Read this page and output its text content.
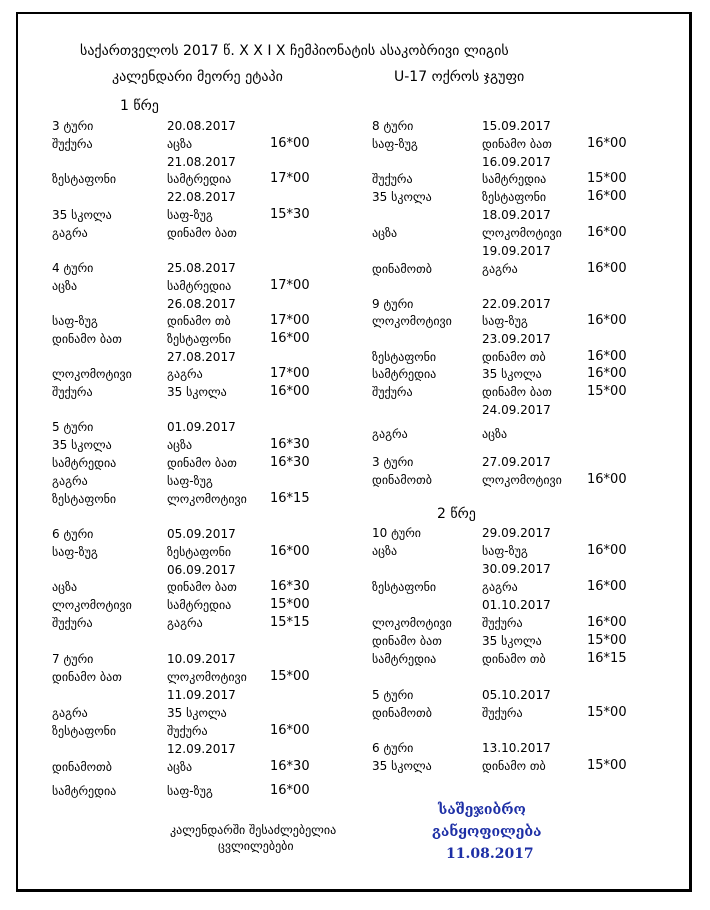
საქართველოს 2017 წ. X X I X ჩემპიონატის ასაკობრივი ლიგის
კალენდარი მეორე ეტაპი	U-17 ოქროს ჯგუფი
1 წრე
2 წრე
3 ტური	20.08.2017
შუქურა	აცზა	16*00
21.08.2017
ზესტაფონი	სამტრედია	17*00
22.08.2017
35 სკოლა	საფ-ზუგ	15*30
გაგრა	დინამო ბათ
4 ტური	25.08.2017
აცზა	სამტრედია	17*00
26.08.2017
საფ-ზუგ	დინამო თბ	17*00
დინამო ბათ	ზესტაფონი	16*00
27.08.2017
ლოკომოტივი	გაგრა	17*00
შუქურა	35 სკოლა	16*00
5 ტური	01.09.2017
35 სკოლა	აცზა	16*30
სამტრედია	დინამო ბათ	16*30
გაგრა	საფ-ზუგ
ზესტაფონი	ლოკომოტივი 16*15
6 ტური	05.09.2017
საფ-ზუგ	ზესტაფონი	16*00
06.09.2017
აცზა	დინამო ბათ	16*30
ლოკომოტივი	სამტრედია	15*00
შუქურა	გაგრა	15*15
7 ტური	10.09.2017
დინამო ბათ	ლოკომოტივი 15*00
11.09.2017
გაგრა	35 სკოლა
ზესტაფონი	შუქურა	16*00
12.09.2017
დინამოთბ	აცზა	16*30
სამტრედია	საფ-ზუგ	16*00
8 ტური	15.09.2017
საფ-ზუგ	დინამო ბათ	16*00
16.09.2017
შუქურა	სამტრედია	15*00
35 სკოლა	ზესტაფონი	16*00
18.09.2017
აცზა	ლოკომოტივი 16*00
19.09.2017
დინამოთბ	გაგრა	16*00
9 ტური	22.09.2017
ლოკომოტივი	საფ-ზუგ	16*00
23.09.2017
ზესტაფონი	დინამო თბ	16*00
სამტრედია	35 სკოლა	16*00
შუქურა	დინამო ბათ	15*00
24.09.2017
გაგრა	აცზა
3 ტური	27.09.2017
დინამოთბ	ლოკომოტივი 16*00
10 ტური	29.09.2017
აცზა	საფ-ზუგ	16*00
30.09.2017
ზესტაფონი	გაგრა	16*00
01.10.2017
ლოკომოტივი	შუქურა	16*00
დინამო ბათ	35 სკოლა	15*00
სამტრედია	დინამო თბ	16*15
5 ტური	05.10.2017
დინამოთბ	შუქურა	15*00
6 ტური	13.10.2017
35 სკოლა	დინამო თბ	15*00
კალენდარში შესაძლებელია
ცვლილებები
საშეჯიბრო
განყოფილება
11.08.2017
